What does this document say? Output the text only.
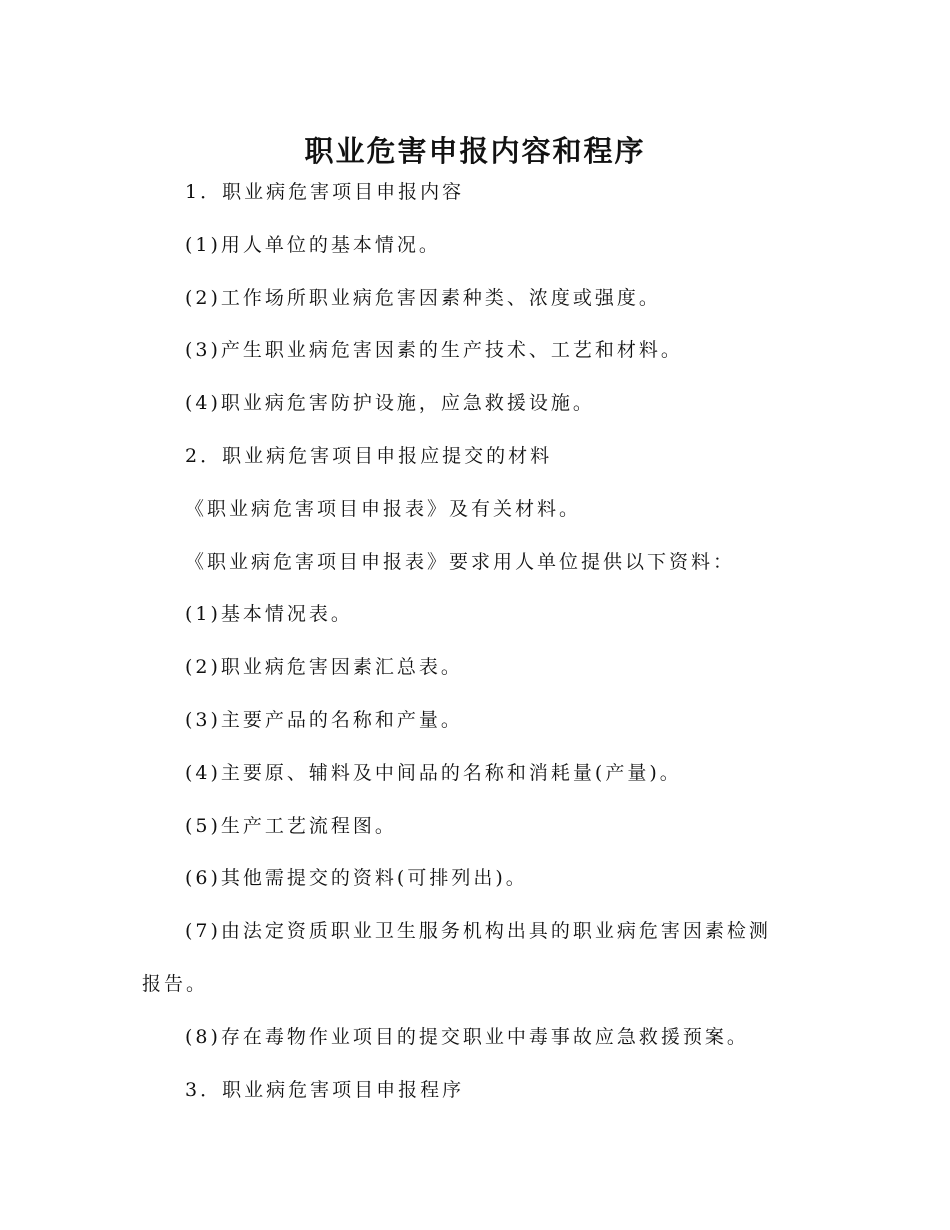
职业危害申报内容和程序

1．职业病危害项目申报内容

(1)用人单位的基本情况。

(2)工作场所职业病危害因素种类、浓度或强度。

(3)产生职业病危害因素的生产技术、工艺和材料。

(4)职业病危害防护设施，应急救援设施。

2．职业病危害项目申报应提交的材料

《职业病危害项目申报表》及有关材料。

《职业病危害项目申报表》要求用人单位提供以下资料：

(1)基本情况表。

(2)职业病危害因素汇总表。

(3)主要产品的名称和产量。

(4)主要原、辅料及中间品的名称和消耗量(产量)。

(5)生产工艺流程图。

(6)其他需提交的资料(可排列出)。

(7)由法定资质职业卫生服务机构出具的职业病危害因素检测报告。

(8)存在毒物作业项目的提交职业中毒事故应急救援预案。

3．职业病危害项目申报程序
